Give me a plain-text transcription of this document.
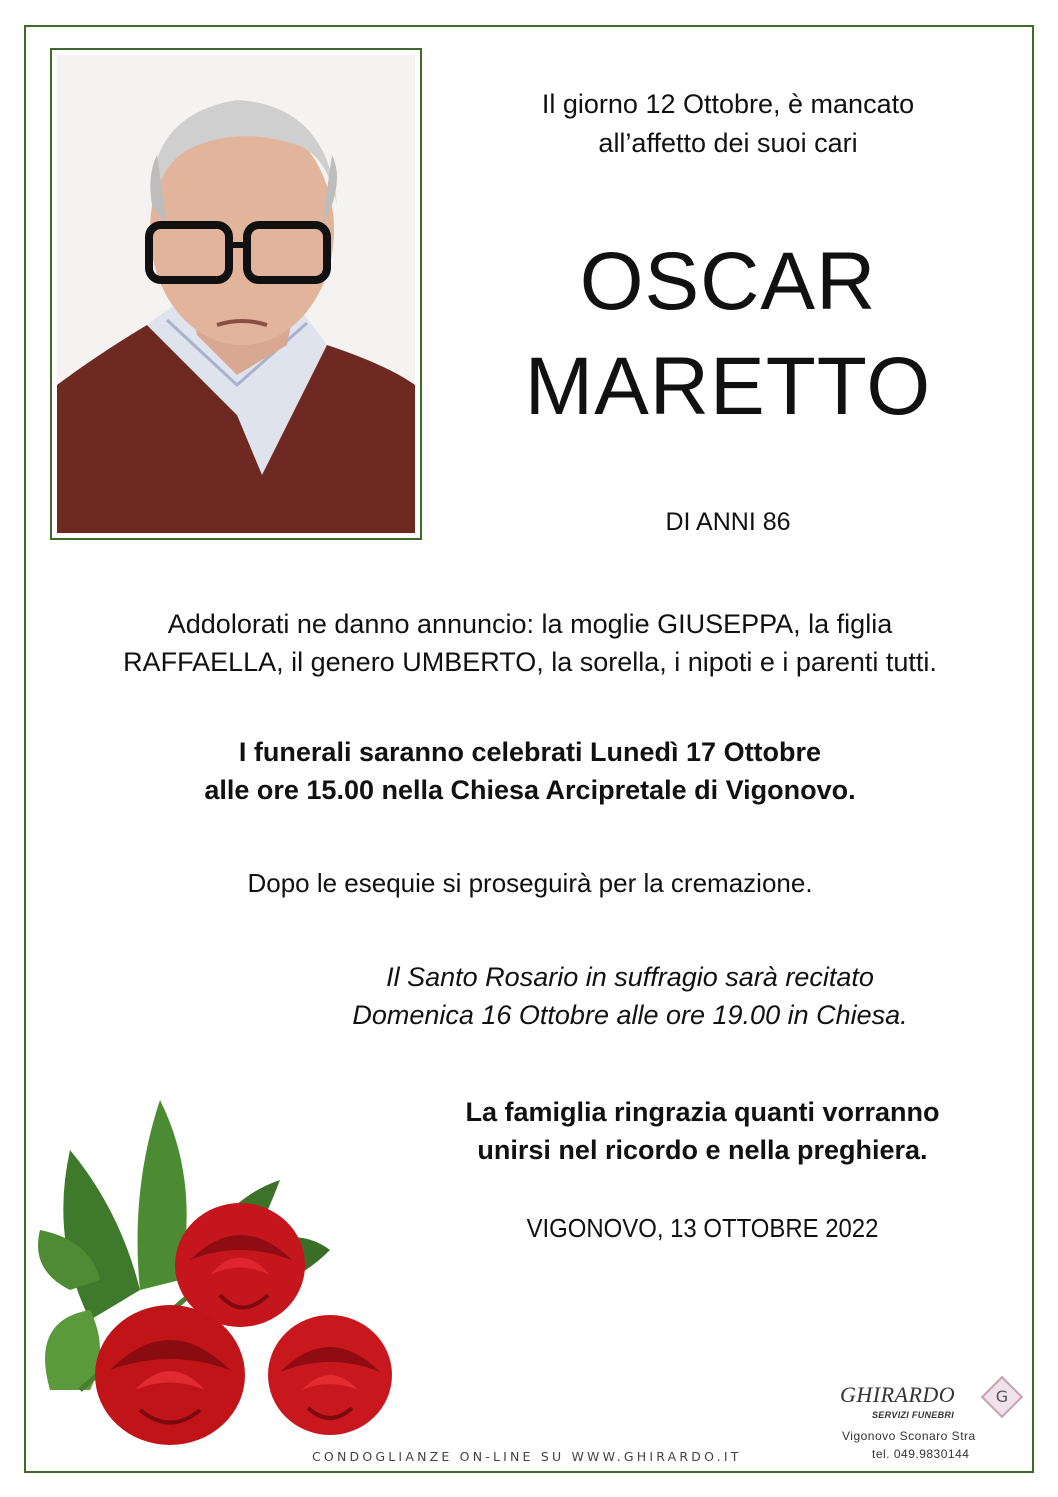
Il giorno 12 Ottobre, è mancato
all’affetto dei suoi cari
OSCAR
MARETTO
DI ANNI 86
Addolorati ne danno annuncio: la moglie GIUSEPPA, la figlia
RAFFAELLA, il genero UMBERTO, la sorella, i nipoti e i parenti tutti.
I funerali saranno celebrati Lunedì 17 Ottobre
alle ore 15.00 nella Chiesa Arcipretale di Vigonovo.
Dopo le esequie si proseguirà per la cremazione.
Il Santo Rosario in suffragio sarà recitato
Domenica 16 Ottobre alle ore 19.00 in Chiesa.
La famiglia ringrazia quanti vorranno
unirsi nel ricordo e nella preghiera.
VIGONOVO, 13 OTTOBRE 2022
CONDOGLIANZE ON-LINE SU WWW.GHIRARDO.IT
GHIRARDO
SERVIZI FUNEBRI
G
Vigonovo Sconaro Stra
tel. 049.9830144
